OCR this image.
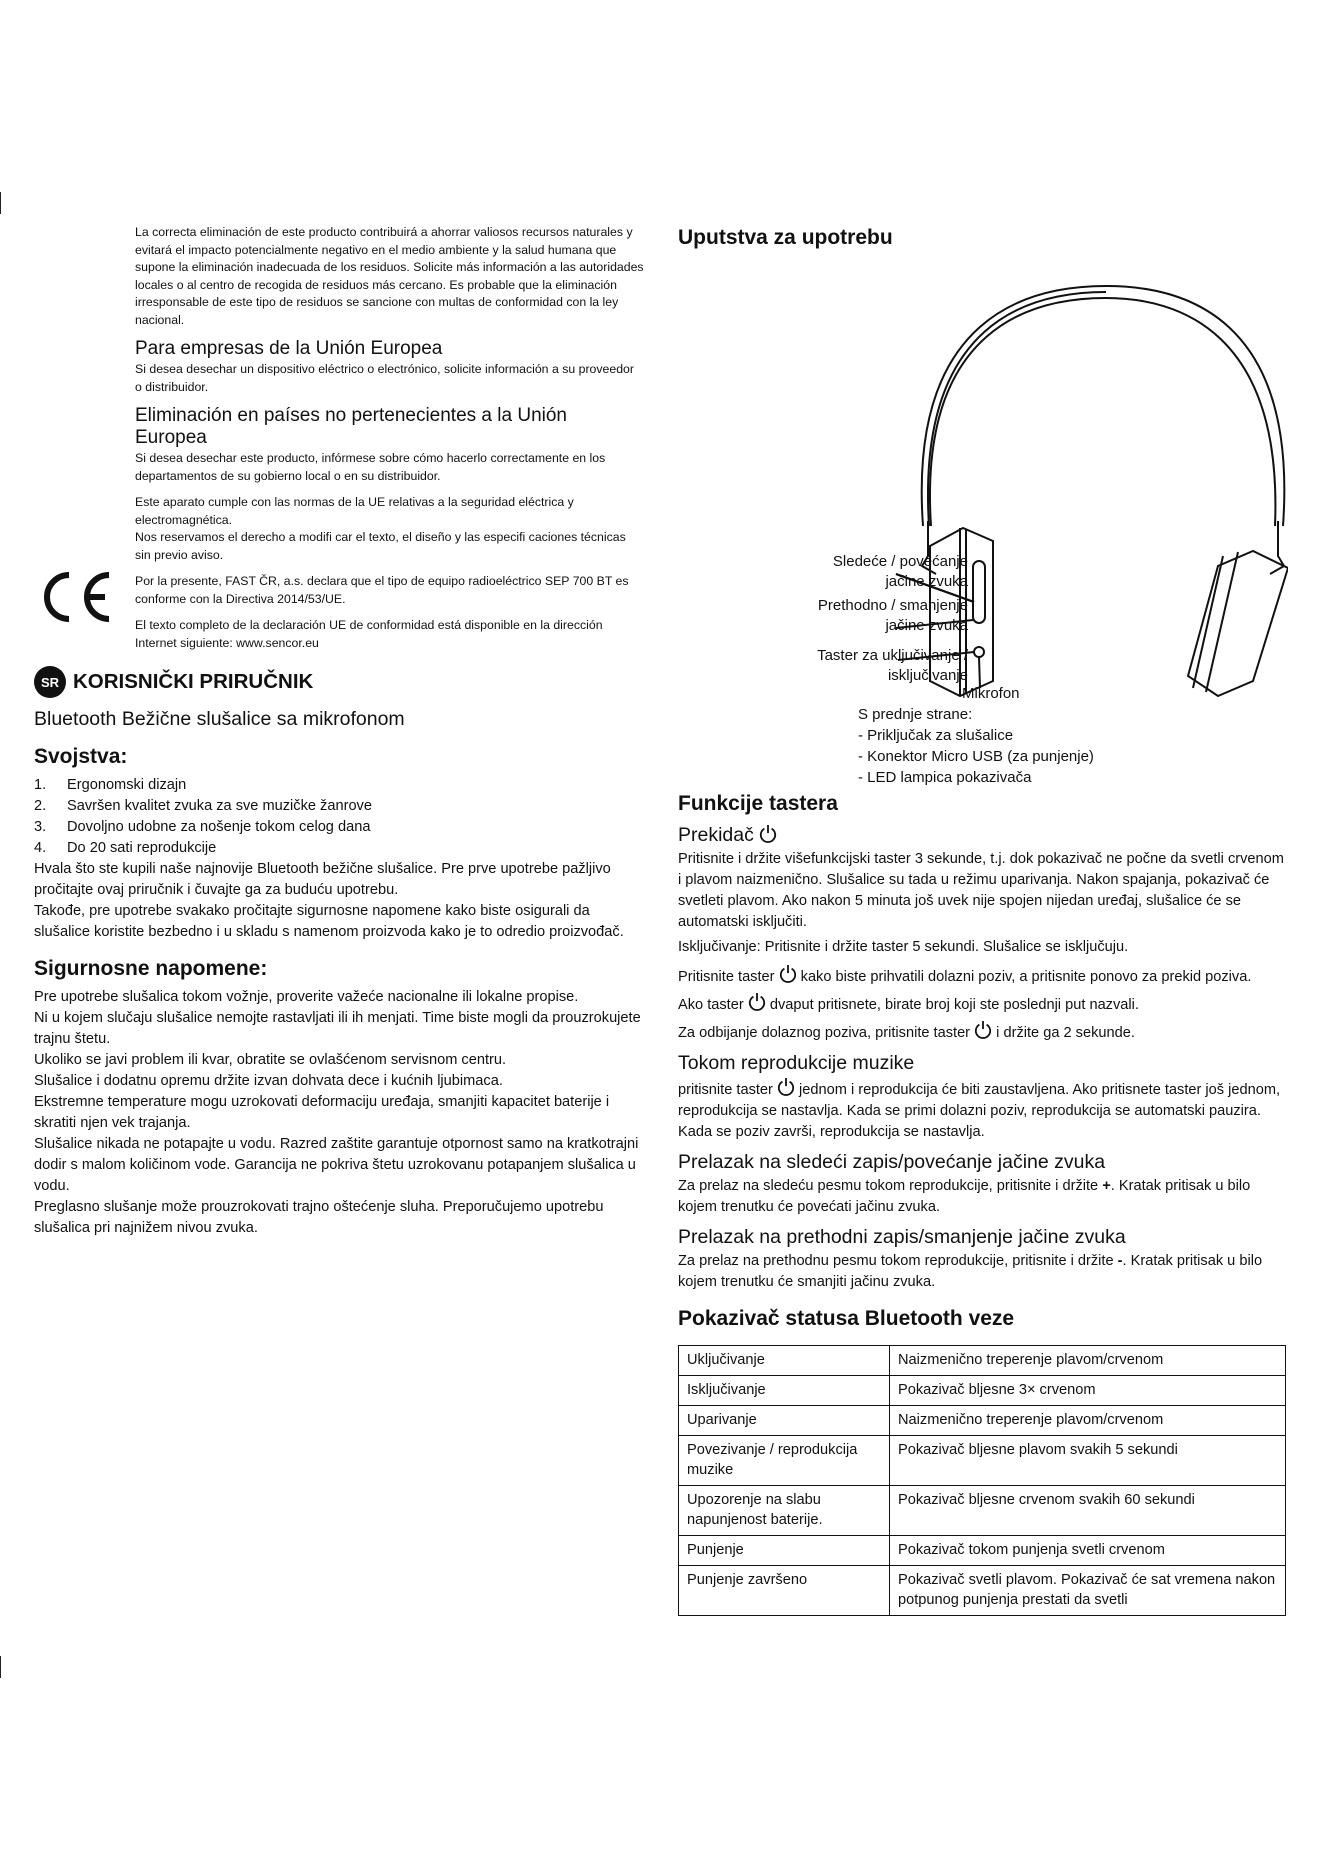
La correcta eliminación de este producto contribuirá a ahorrar valiosos recursos naturales y evitará el impacto potencialmente negativo en el medio ambiente y la salud humana que supone la eliminación inadecuada de los residuos. Solicite más información a las autoridades locales o al centro de recogida de residuos más cercano. Es probable que la eliminación irresponsable de este tipo de residuos se sancione con multas de conformidad con la ley nacional.

Para empresas de la Unión Europea

Si desea desechar un dispositivo eléctrico o electrónico, solicite información a su proveedor o distribuidor.

Eliminación en países no pertenecientes a la Unión Europea

Si desea desechar este producto, infórmese sobre cómo hacerlo correctamente en los departamentos de su gobierno local o en su distribuidor.

Este aparato cumple con las normas de la UE relativas a la seguridad eléctrica y electromagnética.
Nos reservamos el derecho a modifi car el texto, el diseño y las especifi caciones técnicas sin previo aviso.

CE

Por la presente, FAST ČR, a.s. declara que el tipo de equipo radioeléctrico SEP 700 BT es conforme con la Directiva 2014/53/UE.

El texto completo de la declaración UE de conformidad está disponible en la dirección Internet siguiente: www.sencor.eu

SR KORISNIČKI PRIRUČNIK
Bluetooth Bežične slušalice sa mikrofonom
Svojstva:
1.	Ergonomski dizajn
2.	Savršen kvalitet zvuka za sve muzičke žanrove
3.	Dovoljno udobne za nošenje tokom celog dana
4.	Do 20 sati reprodukcije

Hvala što ste kupili naše najnovije Bluetooth bežične slušalice. Pre prve upotrebe pažljivo pročitajte ovaj priručnik i čuvajte ga za buduću upotrebu.

Takođe, pre upotrebe svakako pročitajte sigurnosne napomene kako biste osigurali da slušalice koristite bezbedno i u skladu s namenom proizvoda kako je to odredio proizvođač.

Sigurnosne napomene:

Pre upotrebe slušalica tokom vožnje, proverite važeće nacionalne ili lokalne propise.

Ni u kojem slučaju slušalice nemojte rastavljati ili ih menjati. Time biste mogli da prouzrokujete trajnu štetu.

Ukoliko se javi problem ili kvar, obratite se ovlašćenom servisnom centru.

Slušalice i dodatnu opremu držite izvan dohvata dece i kućnih ljubimaca.

Ekstremne temperature mogu uzrokovati deformaciju uređaja, smanjiti kapacitet baterije i skratiti njen vek trajanja.

Slušalice nikada ne potapajte u vodu. Razred zaštite garantuje otpornost samo na kratkotrajni dodir s malom količinom vode. Garancija ne pokriva štetu uzrokovanu potapanjem slušalica u vodu.

Preglasno slušanje može prouzrokovati trajno oštećenje sluha. Preporučujemo upotrebu slušalica pri najnižem nivou zvuka.

Uputstva za upotrebu
Sledeće / povećanje
jačine zvuka
Prethodno / smanjenje
jačine zvuka
Taster za uključivanje /
isključivanje
Mikrofon
S prednje strane:
- Priključak za slušalice
- Konektor Micro USB (za punjenje)
- LED lampica pokazivača
Funkcije tastera
Prekidač

Pritisnite i držite višefunkcijski taster 3 sekunde, t.j. dok pokazivač ne počne da svetli crvenom i plavom naizmenično. Slušalice su tada u režimu uparivanja. Nakon spajanja, pokazivač će svetleti plavom. Ako nakon 5 minuta još uvek nije spojen nijedan uređaj, slušalice će se automatski isključiti.

Isključivanje: Pritisnite i držite taster 5 sekundi. Slušalice se isključuju.

Pritisnite taster kako biste prihvatili dolazni poziv, a pritisnite ponovo za prekid poziva.

Ako taster dvaput pritisnete, birate broj koji ste poslednji put nazvali.

Za odbijanje dolaznog poziva, pritisnite taster i držite ga 2 sekunde.

Tokom reprodukcije muzike

pritisnite taster jednom i reprodukcija će biti zaustavljena. Ako pritisnete taster još jednom, reprodukcija se nastavlja. Kada se primi dolazni poziv, reprodukcija se automatski pauzira. Kada se poziv završi, reprodukcija se nastavlja.

Prelazak na sledeći zapis/povećanje jačine zvuka

Za prelaz na sledeću pesmu tokom reprodukcije, pritisnite i držite +. Kratak pritisak u bilo kojem trenutku će povećati jačinu zvuka.

Prelazak na prethodni zapis/smanjenje jačine zvuka

Za prelaz na prethodnu pesmu tokom reprodukcije, pritisnite i držite -. Kratak pritisak u bilo kojem trenutku će smanjiti jačinu zvuka.

Pokazivač statusa Bluetooth veze
Uključivanje	Naizmenično treperenje plavom/crvenom
Isključivanje	Pokazivač bljesne 3× crvenom
Uparivanje	Naizmenično treperenje plavom/crvenom
Povezivanje / reprodukcija muzike	Pokazivač bljesne plavom svakih 5 sekundi
Upozorenje na slabu napunjenost baterije.	Pokazivač bljesne crvenom svakih 60 sekundi
Punjenje	Pokazivač tokom punjenja svetli crvenom
Punjenje završeno	Pokazivač svetli plavom. Pokazivač će sat vremena nakon potpunog punjenja prestati da svetli
